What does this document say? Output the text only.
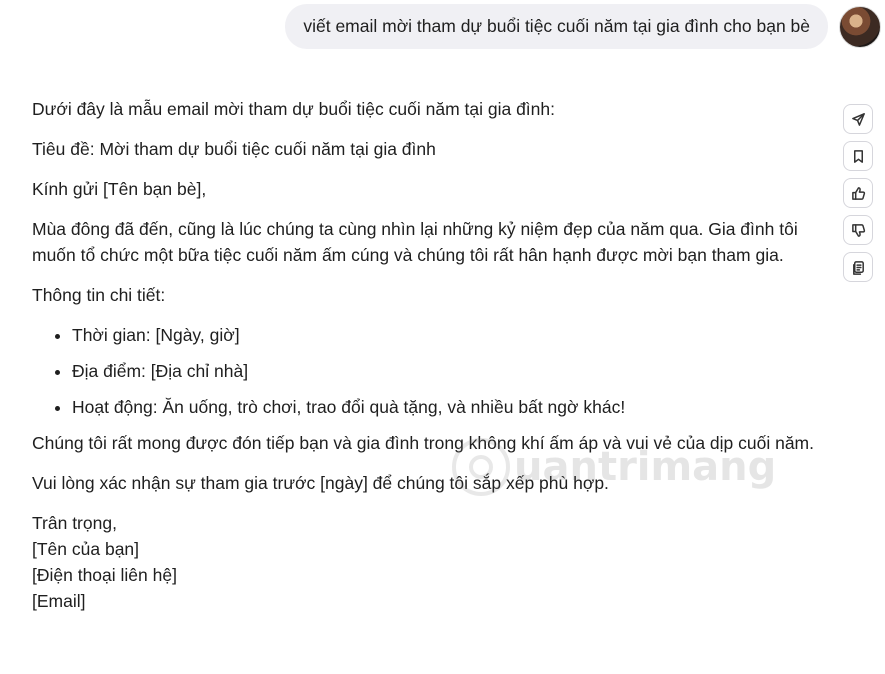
viết email mời tham dự buổi tiệc cuối năm tại gia đình cho bạn bè

Dưới đây là mẫu email mời tham dự buổi tiệc cuối năm tại gia đình:

Tiêu đề: Mời tham dự buổi tiệc cuối năm tại gia đình

Kính gửi [Tên bạn bè],

Mùa đông đã đến, cũng là lúc chúng ta cùng nhìn lại những kỷ niệm đẹp của năm qua. Gia đình tôi muốn tổ chức một bữa tiệc cuối năm ấm cúng và chúng tôi rất hân hạnh được mời bạn tham gia.

Thông tin chi tiết:

• Thời gian: [Ngày, giờ]
• Địa điểm: [Địa chỉ nhà]
• Hoạt động: Ăn uống, trò chơi, trao đổi quà tặng, và nhiều bất ngờ khác!

Chúng tôi rất mong được đón tiếp bạn và gia đình trong không khí ấm áp và vui vẻ của dịp cuối năm.

Vui lòng xác nhận sự tham gia trước [ngày] để chúng tôi sắp xếp phù hợp.

Trân trọng,
[Tên của bạn]
[Điện thoại liên hệ]
[Email]
uantrimang
